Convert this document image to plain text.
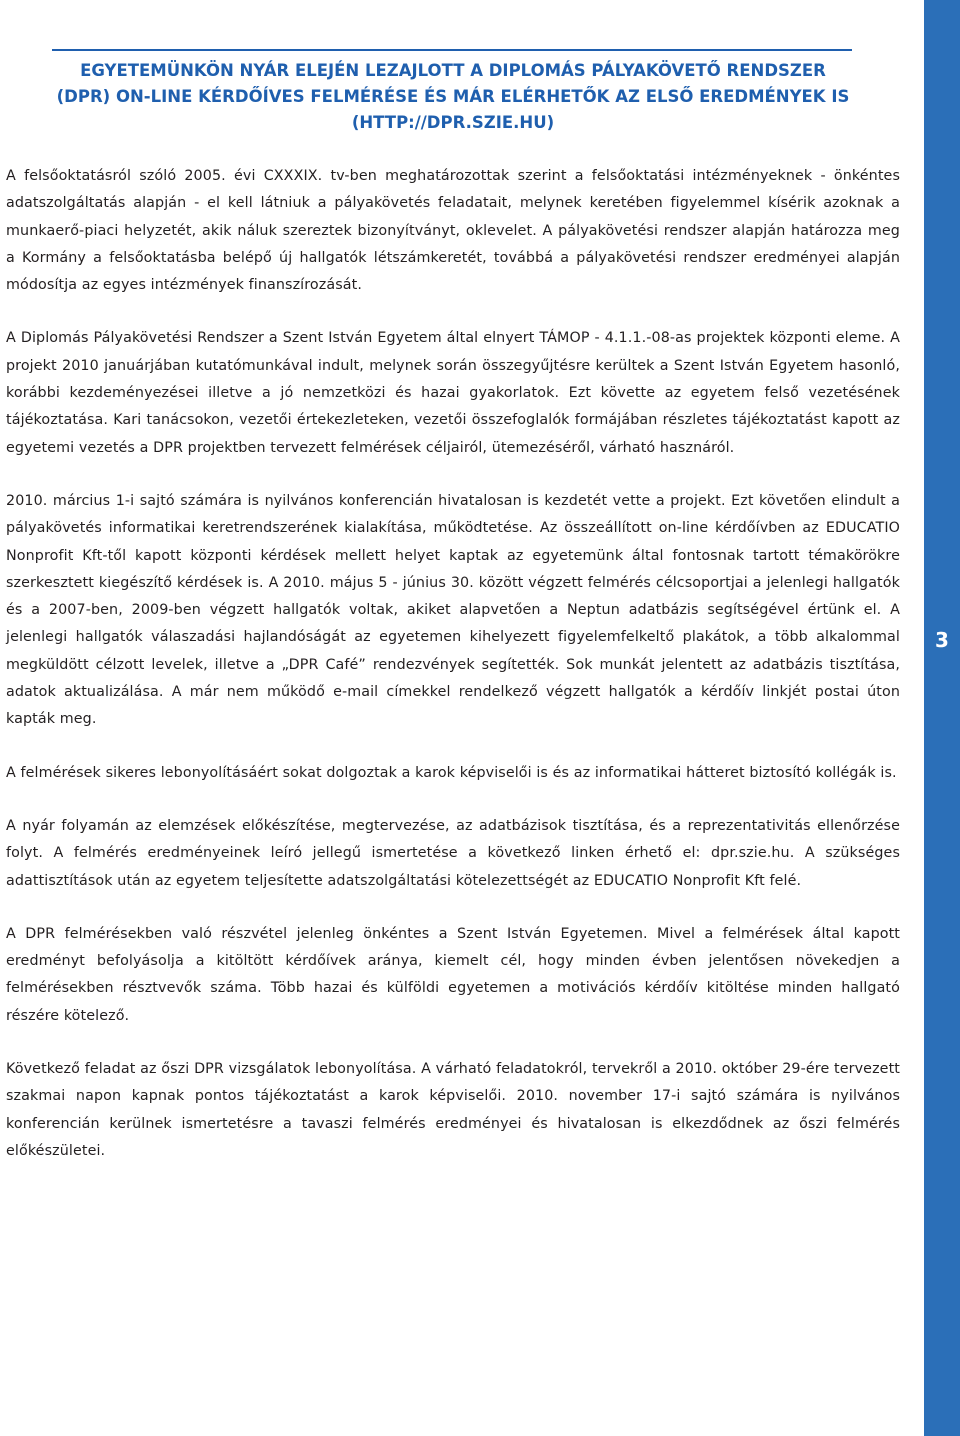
EGYETEMÜNKÖN NYÁR ELEJÉN LEZAJLOTT A DIPLOMÁS PÁLYAKÖVETŐ RENDSZER
(DPR) ON-LINE KÉRDŐÍVES FELMÉRÉSE ÉS MÁR ELÉRHETŐK AZ ELSŐ EREDMÉNYEK IS
(HTTP://DPR.SZIE.HU)

A felsőoktatásról szóló 2005. évi CXXXIX. tv-ben meghatározottak szerint a felsőoktatási intézményeknek - önkéntes adatszolgáltatás alapján - el kell látniuk a pályakövetés feladatait, melynek keretében figyelemmel kísérik azoknak a munkaerő-piaci helyzetét, akik náluk szereztek bizonyítványt, oklevelet. A pályakövetési rendszer alapján határozza meg a Kormány a felsőoktatásba belépő új hallgatók létszámkeretét, továbbá a pályakövetési rendszer eredményei alapján módosítja az egyes intézmények finanszírozását.

A Diplomás Pályakövetési Rendszer a Szent István Egyetem által elnyert TÁMOP - 4.1.1.-08-as projektek központi eleme. A projekt 2010 januárjában kutatómunkával indult, melynek során összegyűjtésre kerültek a Szent István Egyetem hasonló, korábbi kezdeményezései illetve a jó nemzetközi és hazai gyakorlatok. Ezt követte az egyetem felső vezetésének tájékoztatása. Kari tanácsokon, vezetői értekezleteken, vezetői összefoglalók formájában részletes tájékoztatást kapott az egyetemi vezetés a DPR projektben tervezett felmérések céljairól, ütemezéséről, várható hasznáról.

2010. március 1-i sajtó számára is nyilvános konferencián hivatalosan is kezdetét vette a projekt. Ezt követően elindult a pályakövetés informatikai keretrendszerének kialakítása, működtetése. Az összeállított on-line kérdőívben az EDUCATIO Nonprofit Kft-től kapott központi kérdések mellett helyet kaptak az egyetemünk által fontosnak tartott témakörökre szerkesztett kiegészítő kérdések is. A 2010. május 5 - június 30. között végzett felmérés célcsoportjai a jelenlegi hallgatók és a 2007-ben, 2009-ben végzett hallgatók voltak, akiket alapvetően a Neptun adatbázis segítségével értünk el. A jelenlegi hallgatók válaszadási hajlandóságát az egyetemen kihelyezett figyelemfelkeltő plakátok, a több alkalommal megküldött célzott levelek, illetve a „DPR Café” rendezvények segítették. Sok munkát jelentett az adatbázis tisztítása, adatok aktualizálása. A már nem működő e-mail címekkel rendelkező végzett hallgatók a kérdőív linkjét postai úton kapták meg.

A felmérések sikeres lebonyolításáért sokat dolgoztak a karok képviselői is és az informatikai hátteret biztosító kollégák is.

A nyár folyamán az elemzések előkészítése, megtervezése, az adatbázisok tisztítása, és a reprezentativitás ellenőrzése folyt. A felmérés eredményeinek leíró jellegű ismertetése a következő linken érhető el: dpr.szie.hu. A szükséges adattisztítások után az egyetem teljesítette adatszolgáltatási kötelezettségét az EDUCATIO Nonprofit Kft felé.

A DPR felmérésekben való részvétel jelenleg önkéntes a Szent István Egyetemen. Mivel a felmérések által kapott eredményt befolyásolja a kitöltött kérdőívek aránya, kiemelt cél, hogy minden évben jelentősen növekedjen a felmérésekben résztvevők száma. Több hazai és külföldi egyetemen a motivációs kérdőív kitöltése minden hallgató részére kötelező.

Következő feladat az őszi DPR vizsgálatok lebonyolítása. A várható feladatokról, tervekről a 2010. október 29-ére tervezett szakmai napon kapnak pontos tájékoztatást a karok képviselői. 2010. november 17-i sajtó számára is nyilvános konferencián kerülnek ismertetésre a tavaszi felmérés eredményei és hivatalosan is elkezdődnek az őszi felmérés előkészületei.

3
